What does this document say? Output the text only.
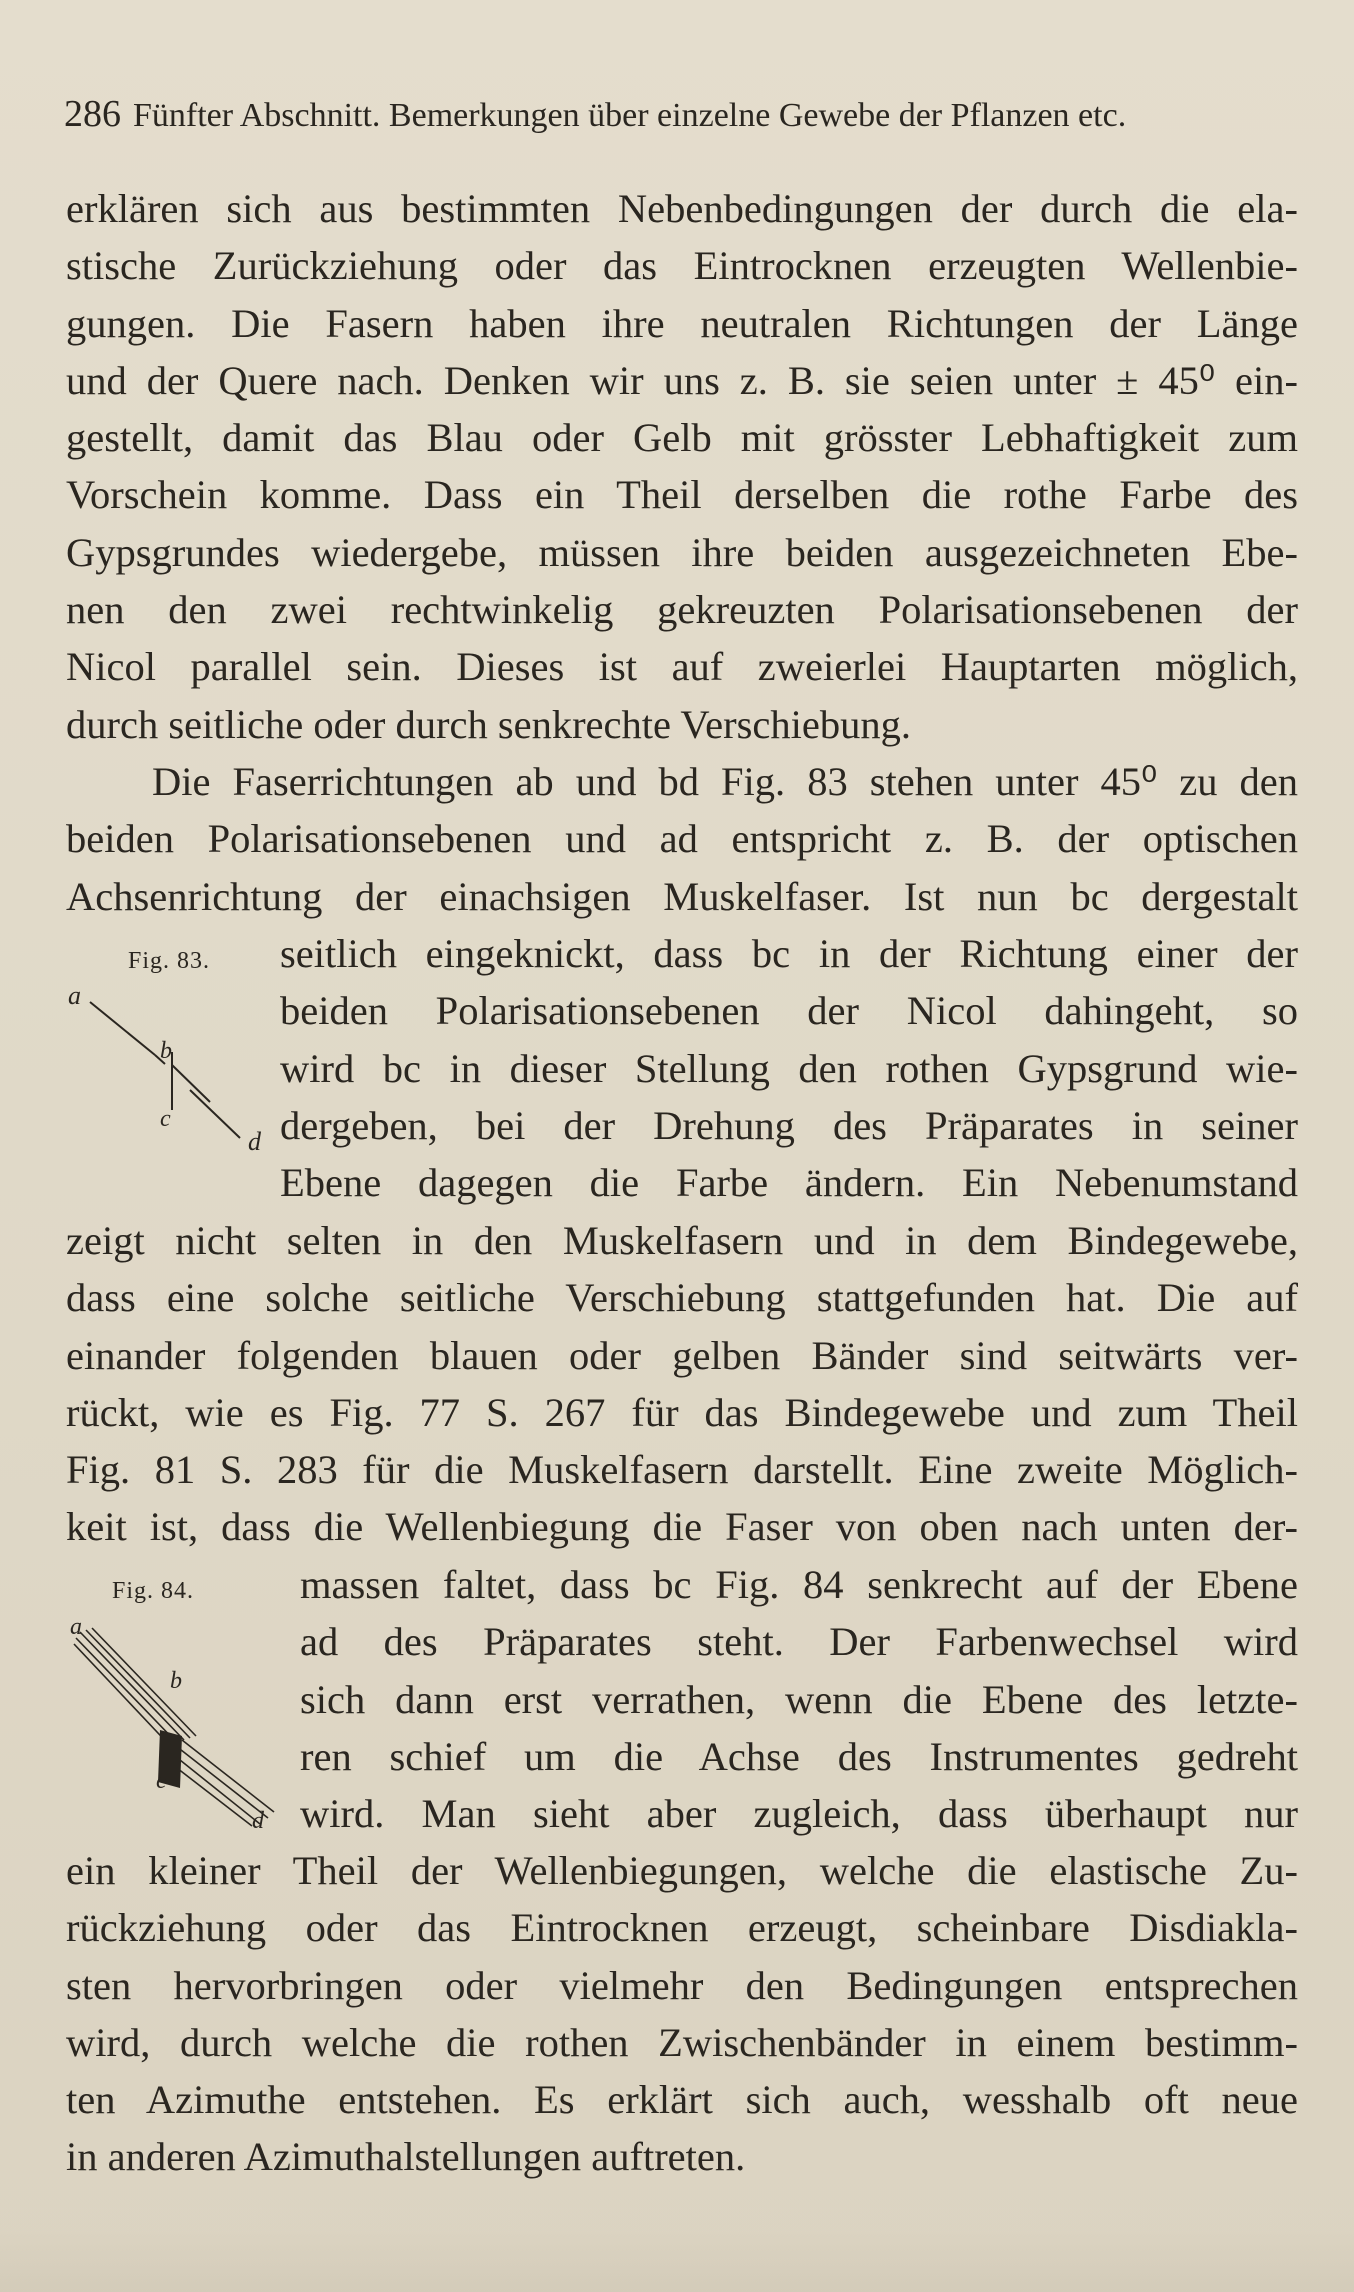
286 Fünfter Abschnitt. Bemerkungen über einzelne Gewebe der Pflanzen etc.
erklären sich aus bestimmten Nebenbedingungen der durch die ela-
stische Zurückziehung oder das Eintrocknen erzeugten Wellenbie-
gungen. Die Fasern haben ihre neutralen Richtungen der Länge
und der Quere nach. Denken wir uns z. B. sie seien unter ± 45⁰ ein-
gestellt, damit das Blau oder Gelb mit grösster Lebhaftigkeit zum
Vorschein komme. Dass ein Theil derselben die rothe Farbe des
Gypsgrundes wiedergebe, müssen ihre beiden ausgezeichneten Ebe-
nen den zwei rechtwinkelig gekreuzten Polarisationsebenen der
Nicol parallel sein. Dieses ist auf zweierlei Hauptarten möglich,
durch seitliche oder durch senkrechte Verschiebung.
Die Faserrichtungen ab und bd Fig. 83 stehen unter 45⁰ zu den
beiden Polarisationsebenen und ad entspricht z. B. der optischen
Achsenrichtung der einachsigen Muskelfaser. Ist nun bc dergestalt
Fig. 83.
a
b
c
d
seitlich eingeknickt, dass bc in der Richtung einer der
beiden Polarisationsebenen der Nicol dahingeht, so
wird bc in dieser Stellung den rothen Gypsgrund wie-
dergeben, bei der Drehung des Präparates in seiner
Ebene dagegen die Farbe ändern. Ein Nebenumstand
zeigt nicht selten in den Muskelfasern und in dem Bindegewebe,
dass eine solche seitliche Verschiebung stattgefunden hat. Die auf
einander folgenden blauen oder gelben Bänder sind seitwärts ver-
rückt, wie es Fig. 77 S. 267 für das Bindegewebe und zum Theil
Fig. 81 S. 283 für die Muskelfasern darstellt. Eine zweite Möglich-
keit ist, dass die Wellenbiegung die Faser von oben nach unten der-
Fig. 84.
a
b
c
d
massen faltet, dass bc Fig. 84 senkrecht auf der Ebene
ad des Präparates steht. Der Farbenwechsel wird
sich dann erst verrathen, wenn die Ebene des letzte-
ren schief um die Achse des Instrumentes gedreht
wird. Man sieht aber zugleich, dass überhaupt nur
ein kleiner Theil der Wellenbiegungen, welche die elastische Zu-
rückziehung oder das Eintrocknen erzeugt, scheinbare Disdiakla-
sten hervorbringen oder vielmehr den Bedingungen entsprechen
wird, durch welche die rothen Zwischenbänder in einem bestimm-
ten Azimuthe entstehen. Es erklärt sich auch, wesshalb oft neue
in anderen Azimuthalstellungen auftreten.
